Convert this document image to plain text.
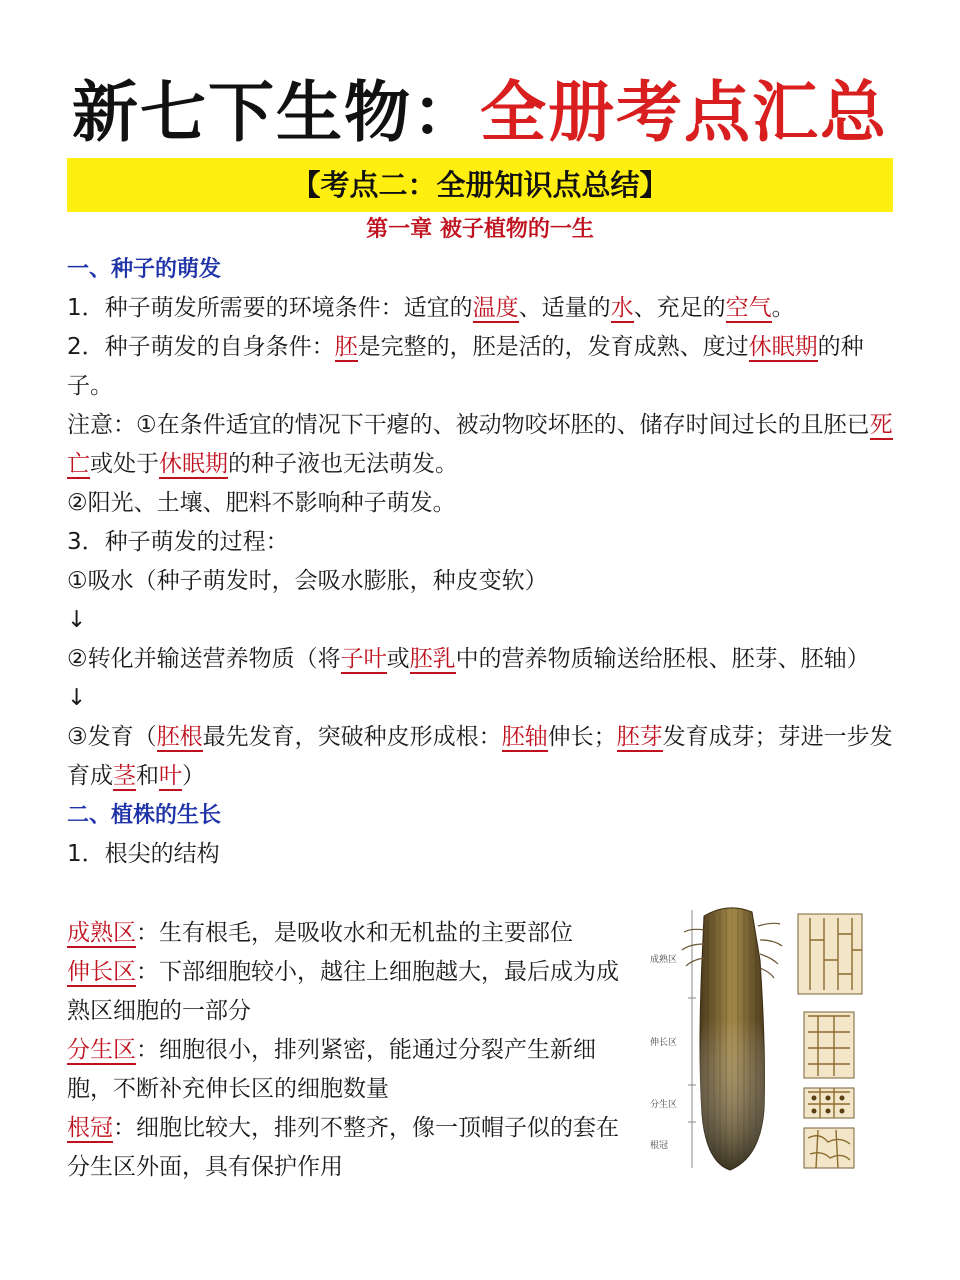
新七下生物：全册考点汇总
【考点二：全册知识点总结】
第一章 被子植物的一生

一、种子的萌发

1．种子萌发所需要的环境条件：适宜的温度、适量的水、充足的空气。

2．种子萌发的自身条件：胚是完整的，胚是活的，发育成熟、度过休眠期的种子。

注意：①在条件适宜的情况下干瘪的、被动物咬坏胚的、储存时间过长的且胚已死亡或处于休眠期的种子液也无法萌发。

②阳光、土壤、肥料不影响种子萌发。

3．种子萌发的过程：

①吸水（种子萌发时，会吸水膨胀，种皮变软）

↓

②转化并输送营养物质（将子叶或胚乳中的营养物质输送给胚根、胚芽、胚轴）

↓

③发育（胚根最先发育，突破种皮形成根：胚轴伸长；胚芽发育成芽；芽进一步发育成茎和叶）

二、植株的生长

1．根尖的结构

成熟区：生有根毛，是吸收水和无机盐的主要部位

伸长区：下部细胞较小，越往上细胞越大，最后成为成熟区细胞的一部分

分生区：细胞很小，排列紧密，能通过分裂产生新细胞，不断补充伸长区的细胞数量

根冠：细胞比较大，排列不整齐，像一顶帽子似的套在分生区外面，具有保护作用

成熟区
伸长区
分生区
根冠
